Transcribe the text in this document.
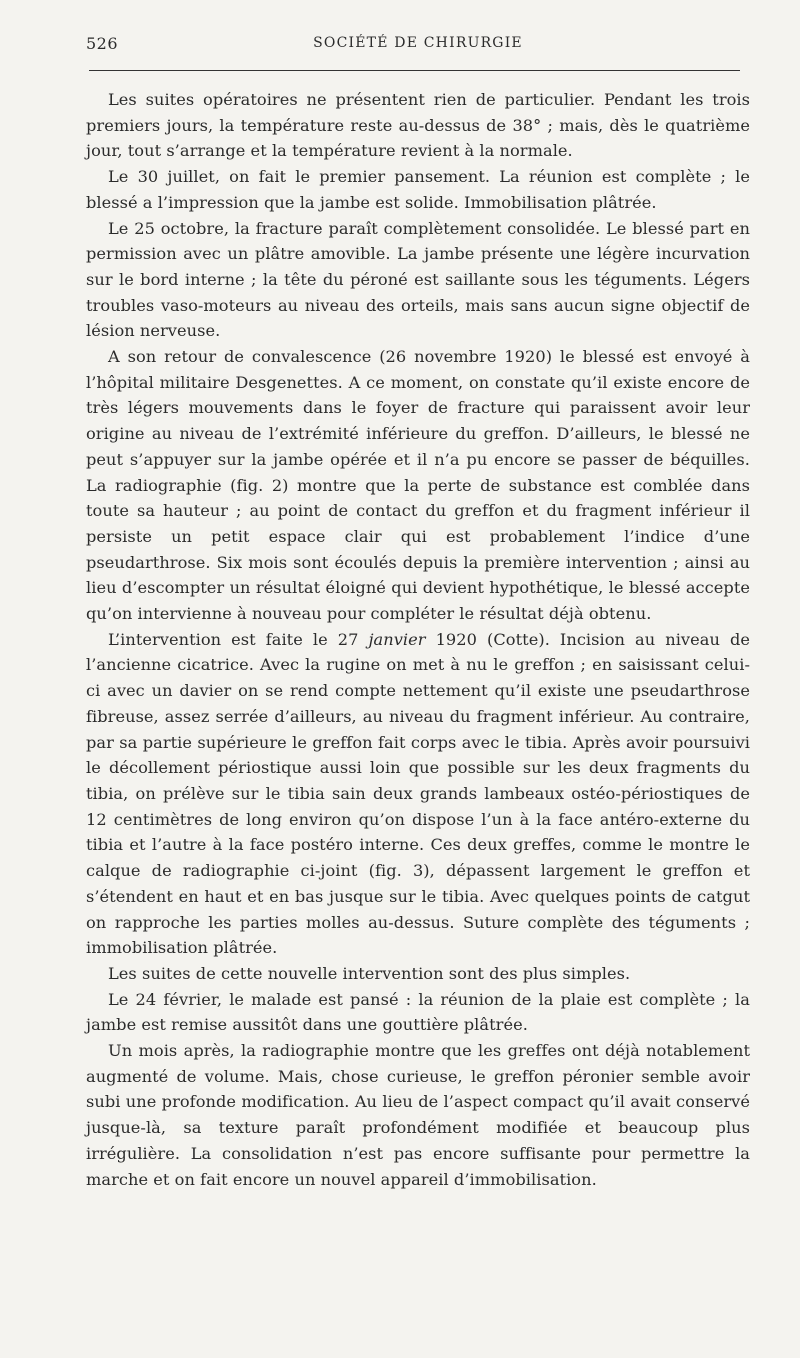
526	SOCIÉTÉ DE CHIRURGIE

Les suites opératoires ne présentent rien de particulier. Pendant les trois premiers jours, la température reste au-dessus de 38° ; mais, dès le quatrième jour, tout s’arrange et la température revient à la normale.

Le 30 juillet, on fait le premier pansement. La réunion est complète ; le blessé a l’impression que la jambe est solide. Immobilisation plâtrée.

Le 25 octobre, la fracture paraît complètement consolidée. Le blessé part en permission avec un plâtre amovible. La jambe présente une légère incurvation sur le bord interne ; la tête du péroné est saillante sous les téguments. Légers troubles vaso-moteurs au niveau des orteils, mais sans aucun signe objectif de lésion nerveuse.

A son retour de convalescence (26 novembre 1920) le blessé est envoyé à l’hôpital militaire Desgenettes. A ce moment, on constate qu’il existe encore de très légers mouvements dans le foyer de fracture qui paraissent avoir leur origine au niveau de l’extrémité inférieure du greffon. D’ailleurs, le blessé ne peut s’appuyer sur la jambe opérée et il n’a pu encore se passer de béquilles. La radiographie (fig. 2) montre que la perte de substance est comblée dans toute sa hauteur ; au point de contact du greffon et du fragment inférieur il persiste un petit espace clair qui est probablement l’indice d’une pseudarthrose. Six mois sont écoulés depuis la première intervention ; ainsi au lieu d’escompter un résultat éloigné qui devient hypothétique, le blessé accepte qu’on intervienne à nouveau pour compléter le résultat déjà obtenu.

L’intervention est faite le 27 janvier 1920 (Cotte). Incision au niveau de l’ancienne cicatrice. Avec la rugine on met à nu le greffon ; en saisissant celui-ci avec un davier on se rend compte nettement qu’il existe une pseudarthrose fibreuse, assez serrée d’ailleurs, au niveau du fragment inférieur. Au contraire, par sa partie supérieure le greffon fait corps avec le tibia. Après avoir poursuivi le décollement périostique aussi loin que possible sur les deux fragments du tibia, on prélève sur le tibia sain deux grands lambeaux ostéo-périostiques de 12 centimètres de long environ qu’on dispose l’un à la face antéro-externe du tibia et l’autre à la face postéro interne. Ces deux greffes, comme le montre le calque de radiographie ci-joint (fig. 3), dépassent largement le greffon et s’étendent en haut et en bas jusque sur le tibia. Avec quelques points de catgut on rapproche les parties molles au-dessus. Suture complète des téguments ; immobilisation plâtrée.

Les suites de cette nouvelle intervention sont des plus simples.

Le 24 février, le malade est pansé : la réunion de la plaie est complète ; la jambe est remise aussitôt dans une gouttière plâtrée.

Un mois après, la radiographie montre que les greffes ont déjà notablement augmenté de volume. Mais, chose curieuse, le greffon péronier semble avoir subi une profonde modification. Au lieu de l’aspect compact qu’il avait conservé jusque-là, sa texture paraît profondément modifiée et beaucoup plus irrégulière. La consolidation n’est pas encore suffisante pour permettre la marche et on fait encore un nouvel appareil d’immobilisation.
